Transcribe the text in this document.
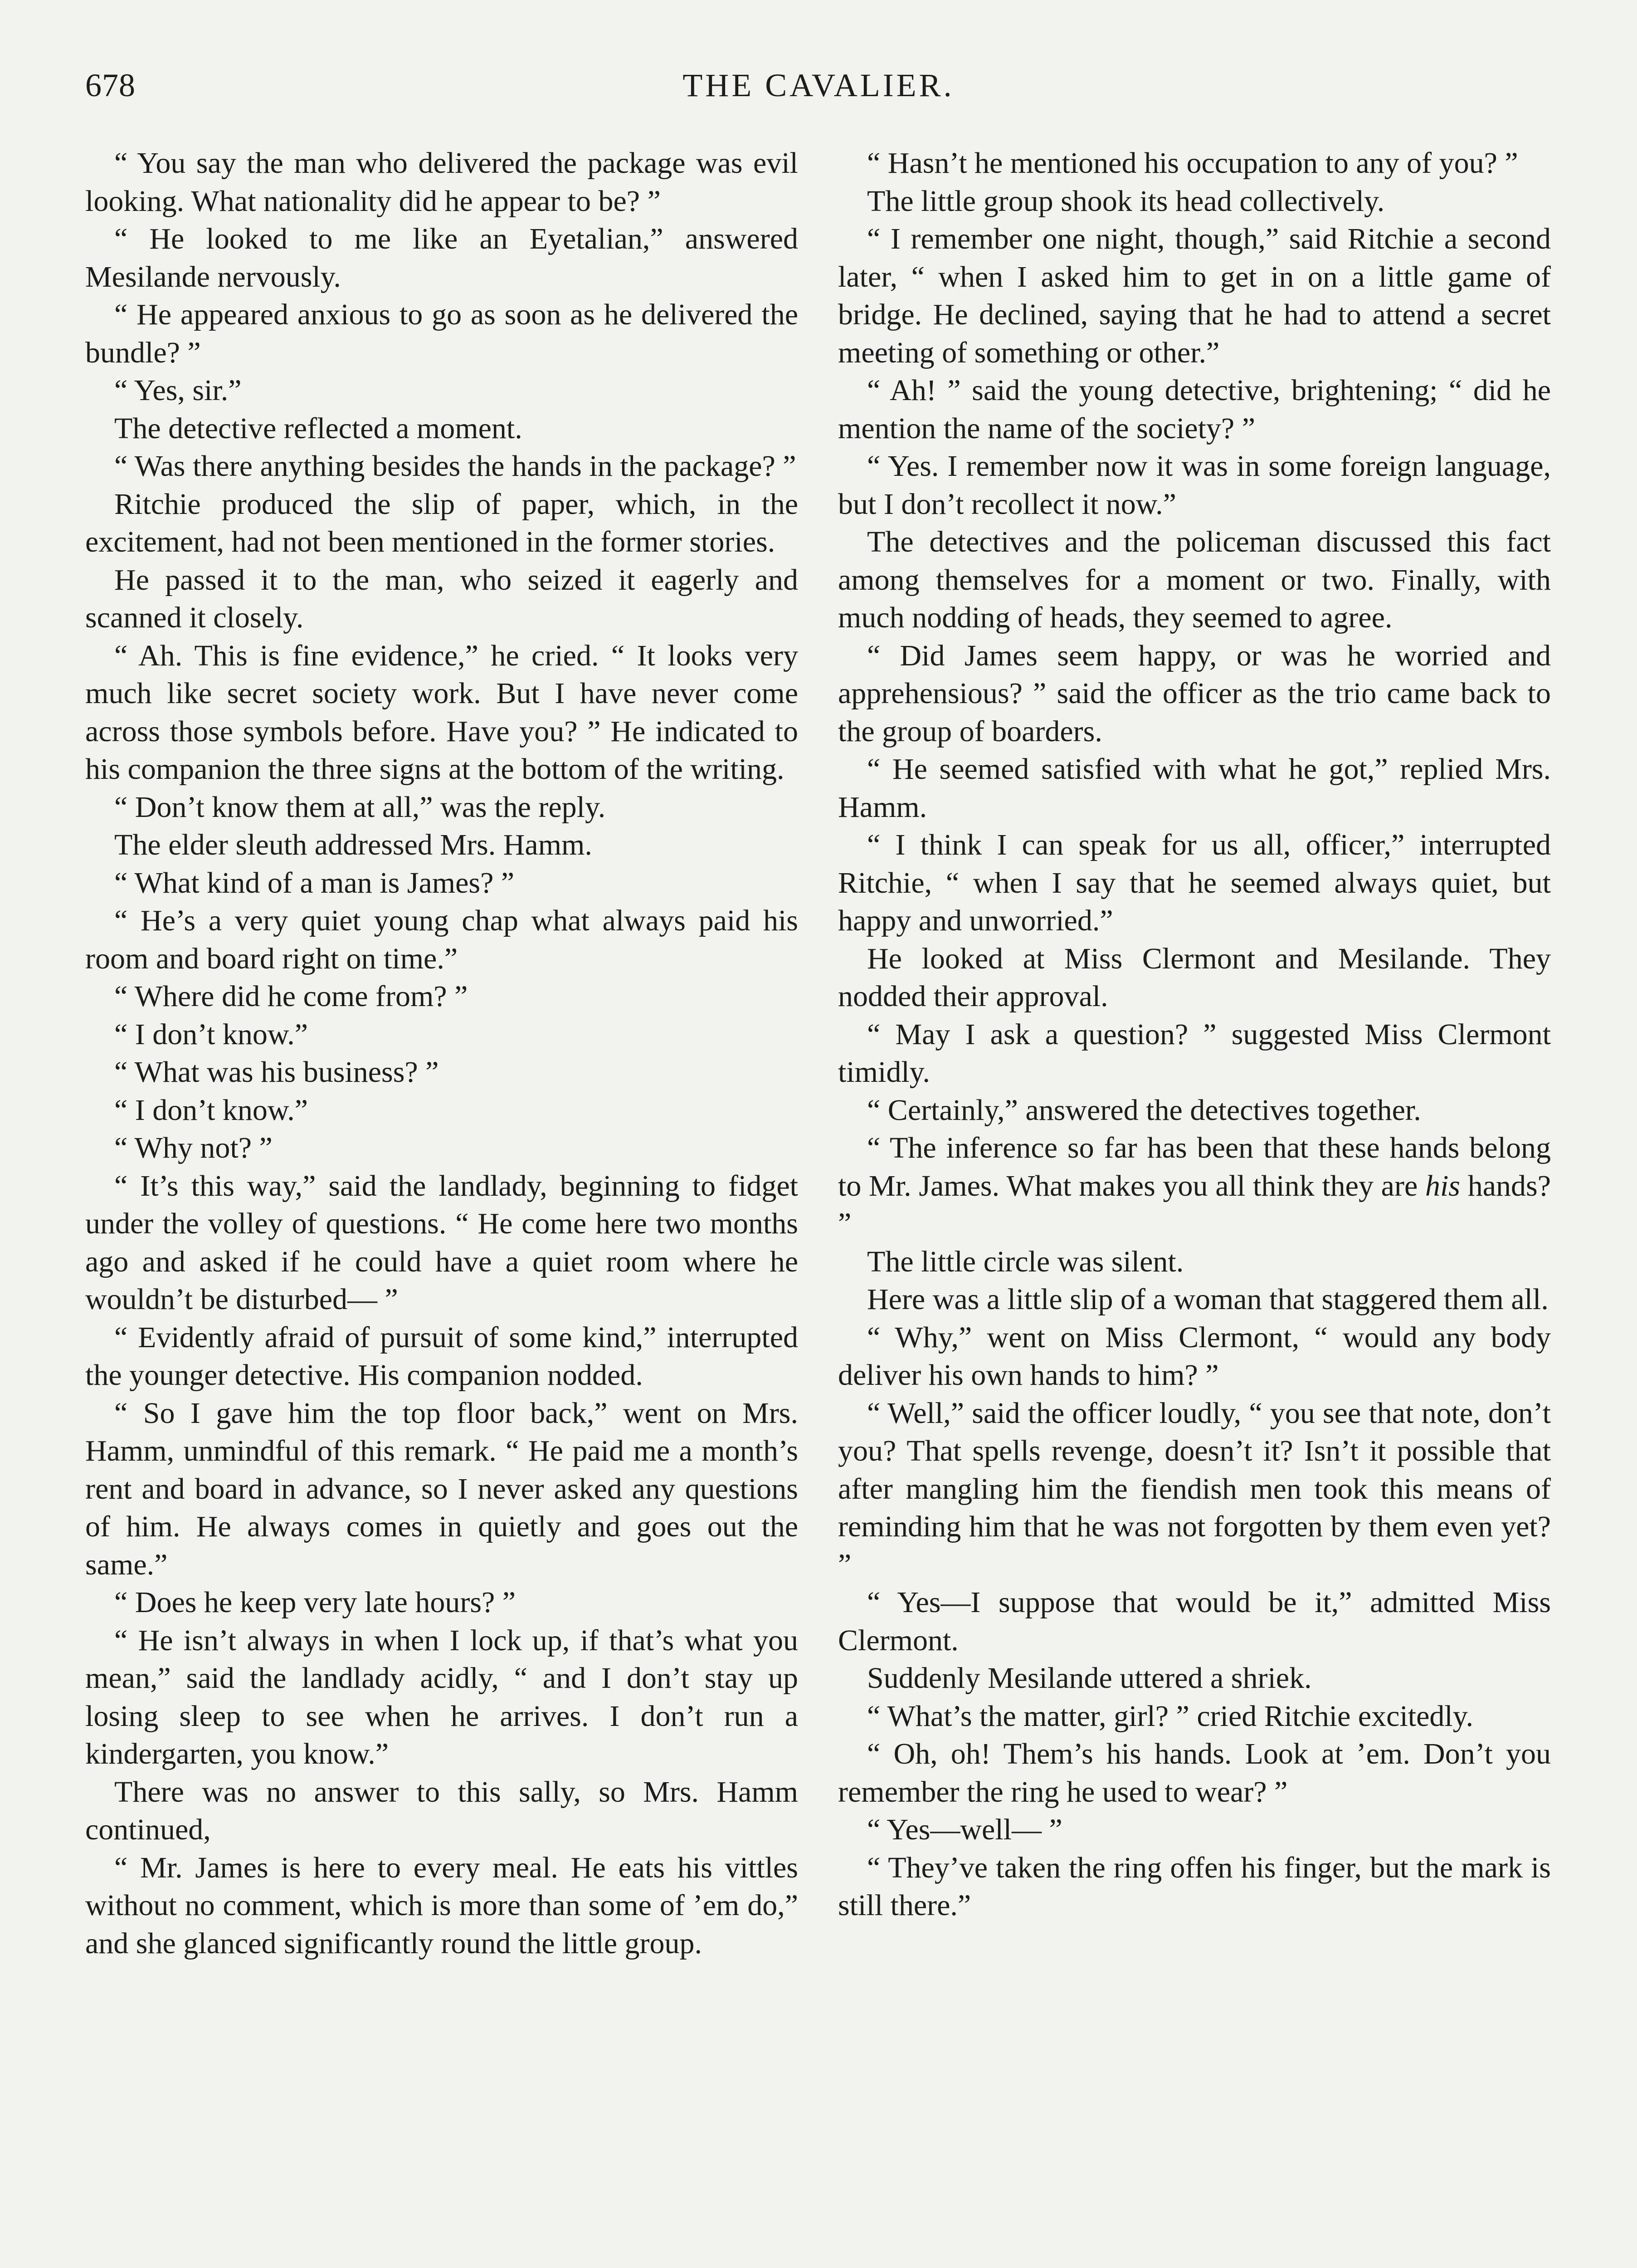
678	THE CAVALIER.

“ You say the man who delivered the package was evil looking. What nationality did he appear to be? ”

“ He looked to me like an Eyetalian,” answered Mesilande nervously.

“ He appeared anxious to go as soon as he delivered the bundle? ”

“ Yes, sir.”

The detective reflected a moment.

“ Was there anything besides the hands in the package? ”

Ritchie produced the slip of paper, which, in the excitement, had not been mentioned in the former stories.

He passed it to the man, who seized it eagerly and scanned it closely.

“ Ah. This is fine evidence,” he cried. “ It looks very much like secret society work. But I have never come across those symbols before. Have you? ” He indicated to his companion the three signs at the bottom of the writing.

“ Don’t know them at all,” was the reply.

The elder sleuth addressed Mrs. Hamm.

“ What kind of a man is James? ”

“ He’s a very quiet young chap what always paid his room and board right on time.”

“ Where did he come from? ”

“ I don’t know.”

“ What was his business? ”

“ I don’t know.”

“ Why not? ”

“ It’s this way,” said the landlady, beginning to fidget under the volley of questions. “ He come here two months ago and asked if he could have a quiet room where he wouldn’t be disturbed— ”

“ Evidently afraid of pursuit of some kind,” interrupted the younger detective. His companion nodded.

“ So I gave him the top floor back,” went on Mrs. Hamm, unmindful of this remark. “ He paid me a month’s rent and board in advance, so I never asked any questions of him. He always comes in quietly and goes out the same.”

“ Does he keep very late hours? ”

“ He isn’t always in when I lock up, if that’s what you mean,” said the landlady acidly, “ and I don’t stay up losing sleep to see when he arrives. I don’t run a kindergarten, you know.”

There was no answer to this sally, so Mrs. Hamm continued,

“ Mr. James is here to every meal. He eats his vittles without no comment, which is more than some of ’em do,” and she glanced significantly round the little group.

“ Hasn’t he mentioned his occupation to any of you? ”

The little group shook its head collectively.

“ I remember one night, though,” said Ritchie a second later, “ when I asked him to get in on a little game of bridge. He declined, saying that he had to attend a secret meeting of something or other.”

“ Ah! ” said the young detective, brightening; “ did he mention the name of the society? ”

“ Yes. I remember now it was in some foreign language, but I don’t recollect it now.”

The detectives and the policeman discussed this fact among themselves for a moment or two. Finally, with much nodding of heads, they seemed to agree.

“ Did James seem happy, or was he worried and apprehensious? ” said the officer as the trio came back to the group of boarders.

“ He seemed satisfied with what he got,” replied Mrs. Hamm.

“ I think I can speak for us all, officer,” interrupted Ritchie, “ when I say that he seemed always quiet, but happy and unworried.”

He looked at Miss Clermont and Mesilande. They nodded their approval.

“ May I ask a question? ” suggested Miss Clermont timidly.

“ Certainly,” answered the detectives together.

“ The inference so far has been that these hands belong to Mr. James. What makes you all think they are his hands? ”

The little circle was silent.

Here was a little slip of a woman that staggered them all.

“ Why,” went on Miss Clermont, “ would any body deliver his own hands to him? ”

“ Well,” said the officer loudly, “ you see that note, don’t you? That spells revenge, doesn’t it? Isn’t it possible that after mangling him the fiendish men took this means of reminding him that he was not forgotten by them even yet? ”

“ Yes—I suppose that would be it,” admitted Miss Clermont.

Suddenly Mesilande uttered a shriek.

“ What’s the matter, girl? ” cried Ritchie excitedly.

“ Oh, oh! Them’s his hands. Look at ’em. Don’t you remember the ring he used to wear? ”

“ Yes—well— ”

“ They’ve taken the ring offen his finger, but the mark is still there.”
